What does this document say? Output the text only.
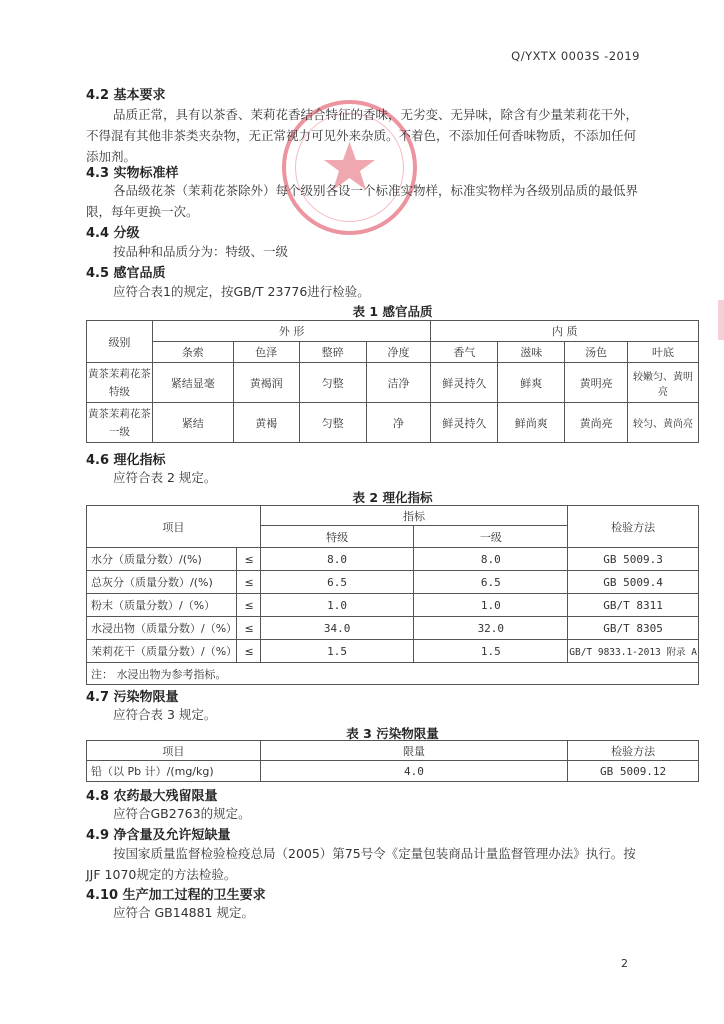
Q/YXTX 0003S -2019
4.2 基本要求
品质正常，具有以茶香、茉莉花香结合特征的香味，无劣变、无异味，除含有少量茉莉花干外，不得混有其他非茶类夹杂物，无正常视力可见外来杂质。不着色，不添加任何香味物质，不添加任何添加剂。
4.3 实物标准样
各品级花茶（茉莉花茶除外）每个级别各设一个标准实物样，标准实物样为各级别品质的最低界限，每年更换一次。
4.4 分级
按品种和品质分为：特级、一级
4.5 感官品质
应符合表1的规定，按GB/T 23776进行检验。
表 1 感官品质
级别	外 形				内 质			
	条索	色泽	整碎	净度	香气	滋味	汤色	叶底
黄茶茉莉花茶特级	紧结显毫	黄褐润	匀整	洁净	鲜灵持久	鲜爽	黄明亮	较嫩匀、黄明亮
黄茶茉莉花茶一级	紧结	黄褐	匀整	净	鲜灵持久	鲜尚爽	黄尚亮	较匀、黄尚亮
4.6 理化指标
应符合表 2 规定。
表 2 理化指标
项目		指标		检验方法
		特级	一级	
水分（质量分数）/(%)	≤	8.0	8.0	GB 5009.3
总灰分（质量分数）/(%)	≤	6.5	6.5	GB 5009.4
粉末（质量分数）/（%）	≤	1.0	1.0	GB/T 8311
水浸出物（质量分数）/（%）	≤	34.0	32.0	GB/T 8305
茉莉花干（质量分数）/（%）	≤	1.5	1.5	GB/T 9833.1-2013 附录 A
注： 水浸出物为参考指标。				
4.7 污染物限量
应符合表 3 规定。
表 3 污染物限量
项目	限量	检验方法
铅（以 Pb 计）/(mg/kg)	4.0	GB 5009.12
4.8 农药最大残留限量
应符合GB2763的规定。
4.9 净含量及允许短缺量
按国家质量监督检验检疫总局（2005）第75号令《定量包装商品计量监督管理办法》执行。按JJF 1070规定的方法检验。
4.10 生产加工过程的卫生要求
应符合 GB14881 规定。
2
